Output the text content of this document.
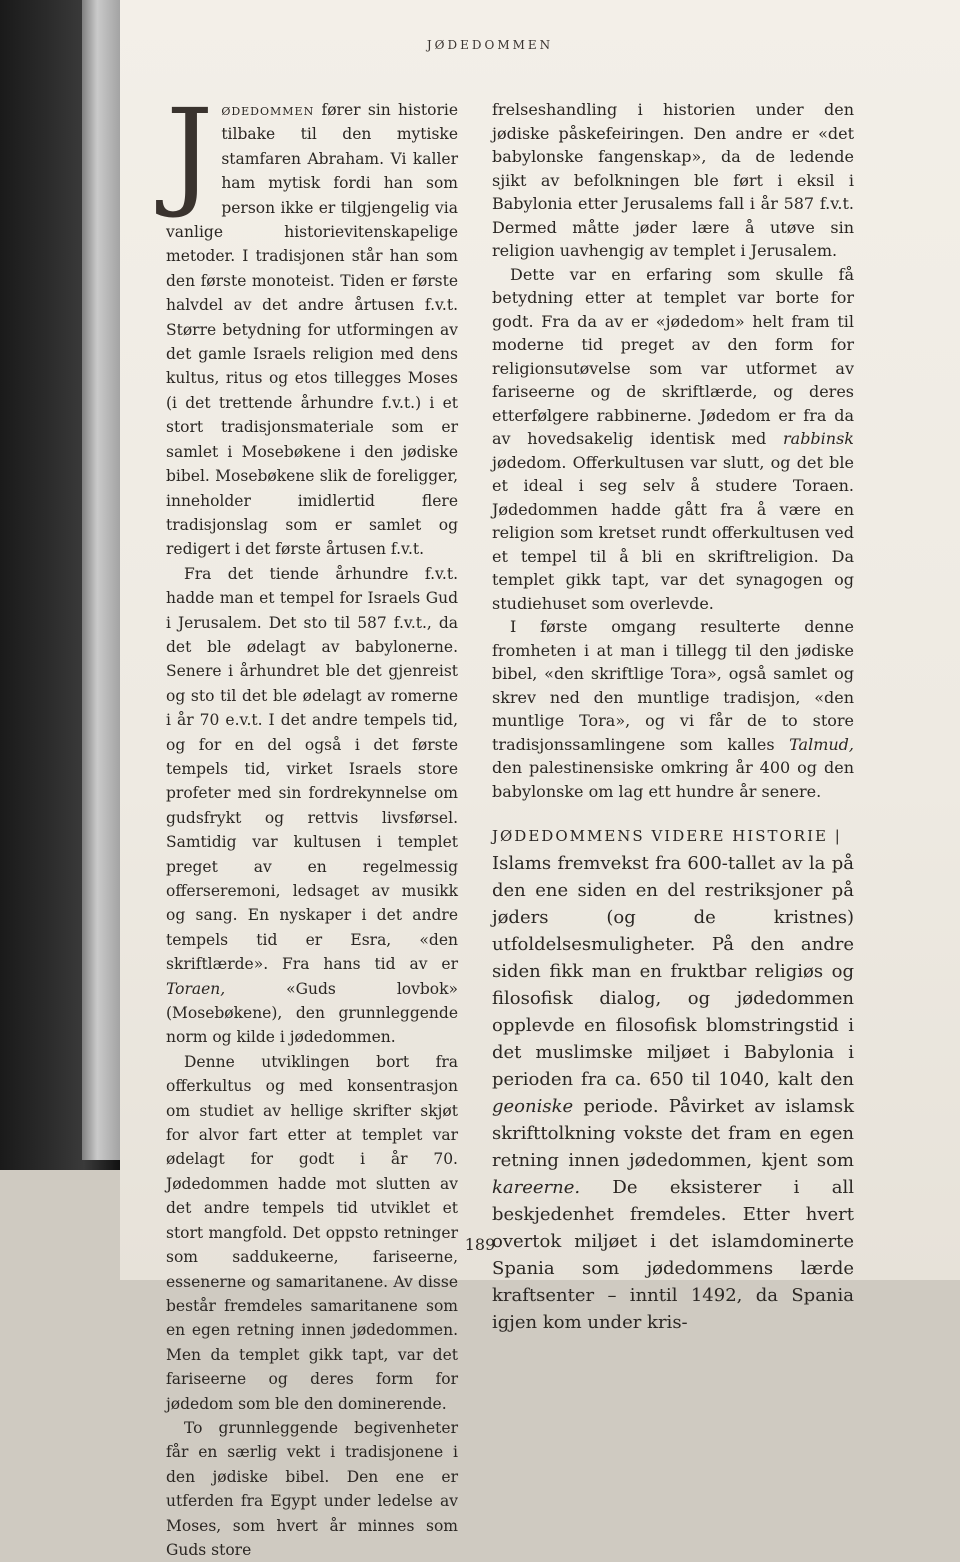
JØDEDOMMEN

Jødedommen fører sin historie tilbake til den mytiske stamfaren Abraham. Vi kaller ham mytisk fordi han som person ikke er tilgjengelig via vanlige historievitenskapelige metoder. I tradisjonen står han som den første monoteist. Tiden er første halvdel av det andre årtusen f.v.t. Større betydning for utformingen av det gamle Israels religion med dens kultus, ritus og etos tillegges Moses (i det trettende århundre f.v.t.) i et stort tradisjonsmateriale som er samlet i Mosebøkene i den jødiske bibel. Mosebøkene slik de foreligger, inneholder imidlertid flere tradisjonslag som er samlet og redigert i det første årtusen f.v.t.

Fra det tiende århundre f.v.t. hadde man et tempel for Israels Gud i Jerusalem. Det sto til 587 f.v.t., da det ble ødelagt av babylonerne. Senere i århundret ble det gjenreist og sto til det ble ødelagt av romerne i år 70 e.v.t. I det andre tempels tid, og for en del også i det første tempels tid, virket Israels store profeter med sin fordrekynnelse om gudsfrykt og rettvis livsførsel. Samtidig var kultusen i templet preget av en regelmessig offerseremoni, ledsaget av musikk og sang. En nyskaper i det andre tempels tid er Esra, «den skriftlærde». Fra hans tid av er Toraen, «Guds lovbok» (Mosebøkene), den grunnleggende norm og kilde i jødedommen.

Denne utviklingen bort fra offerkultus og med konsentrasjon om studiet av hellige skrifter skjøt for alvor fart etter at templet var ødelagt for godt i år 70. Jødedommen hadde mot slutten av det andre tempels tid utviklet et stort mangfold. Det oppsto retninger som saddukeerne, fariseerne, essenerne og samaritanene. Av disse består fremdeles samaritanene som en egen retning innen jødedommen. Men da templet gikk tapt, var det fariseerne og deres form for jødedom som ble den dominerende.

To grunnleggende begivenheter får en særlig vekt i tradisjonene i den jødiske bibel. Den ene er utferden fra Egypt under ledelse av Moses, som hvert år minnes som Guds store

frelseshandling i historien under den jødiske påskefeiringen. Den andre er «det babylonske fangenskap», da de ledende sjikt av befolkningen ble ført i eksil i Babylonia etter Jerusalems fall i år 587 f.v.t. Dermed måtte jøder lære å utøve sin religion uavhengig av templet i Jerusalem.

Dette var en erfaring som skulle få betydning etter at templet var borte for godt. Fra da av er «jødedom» helt fram til moderne tid preget av den form for religionsutøvelse som var utformet av fariseerne og de skriftlærde, og deres etterfølgere rabbinerne. Jødedom er fra da av hovedsakelig identisk med rabbinsk jødedom. Offerkultusen var slutt, og det ble et ideal i seg selv å studere Toraen. Jødedommen hadde gått fra å være en religion som kretset rundt offerkultusen ved et tempel til å bli en skriftreligion. Da templet gikk tapt, var det synagogen og studiehuset som overlevde.

I første omgang resulterte denne fromheten i at man i tillegg til den jødiske bibel, «den skriftlige Tora», også samlet og skrev ned den muntlige tradisjon, «den muntlige Tora», og vi får de to store tradisjonssamlingene som kalles Talmud, den palestinensiske omkring år 400 og den babylonske om lag ett hundre år senere.

JØDEDOMMENS VIDERE HISTORIE |

Islams fremvekst fra 600-tallet av la på den ene siden en del restriksjoner på jøders (og de kristnes) utfoldelsesmuligheter. På den andre siden fikk man en fruktbar religiøs og filosofisk dialog, og jødedommen opplevde en filosofisk blomstringstid i det muslimske miljøet i Babylonia i perioden fra ca. 650 til 1040, kalt den geoniske periode. Påvirket av islamsk skrifttolkning vokste det fram en egen retning innen jødedommen, kjent som kareerne. De eksisterer i all beskjedenhet fremdeles. Etter hvert overtok miljøet i det islamdominerte Spania som jødedommens lærde kraftsenter – inntil 1492, da Spania igjen kom under kris-

189
